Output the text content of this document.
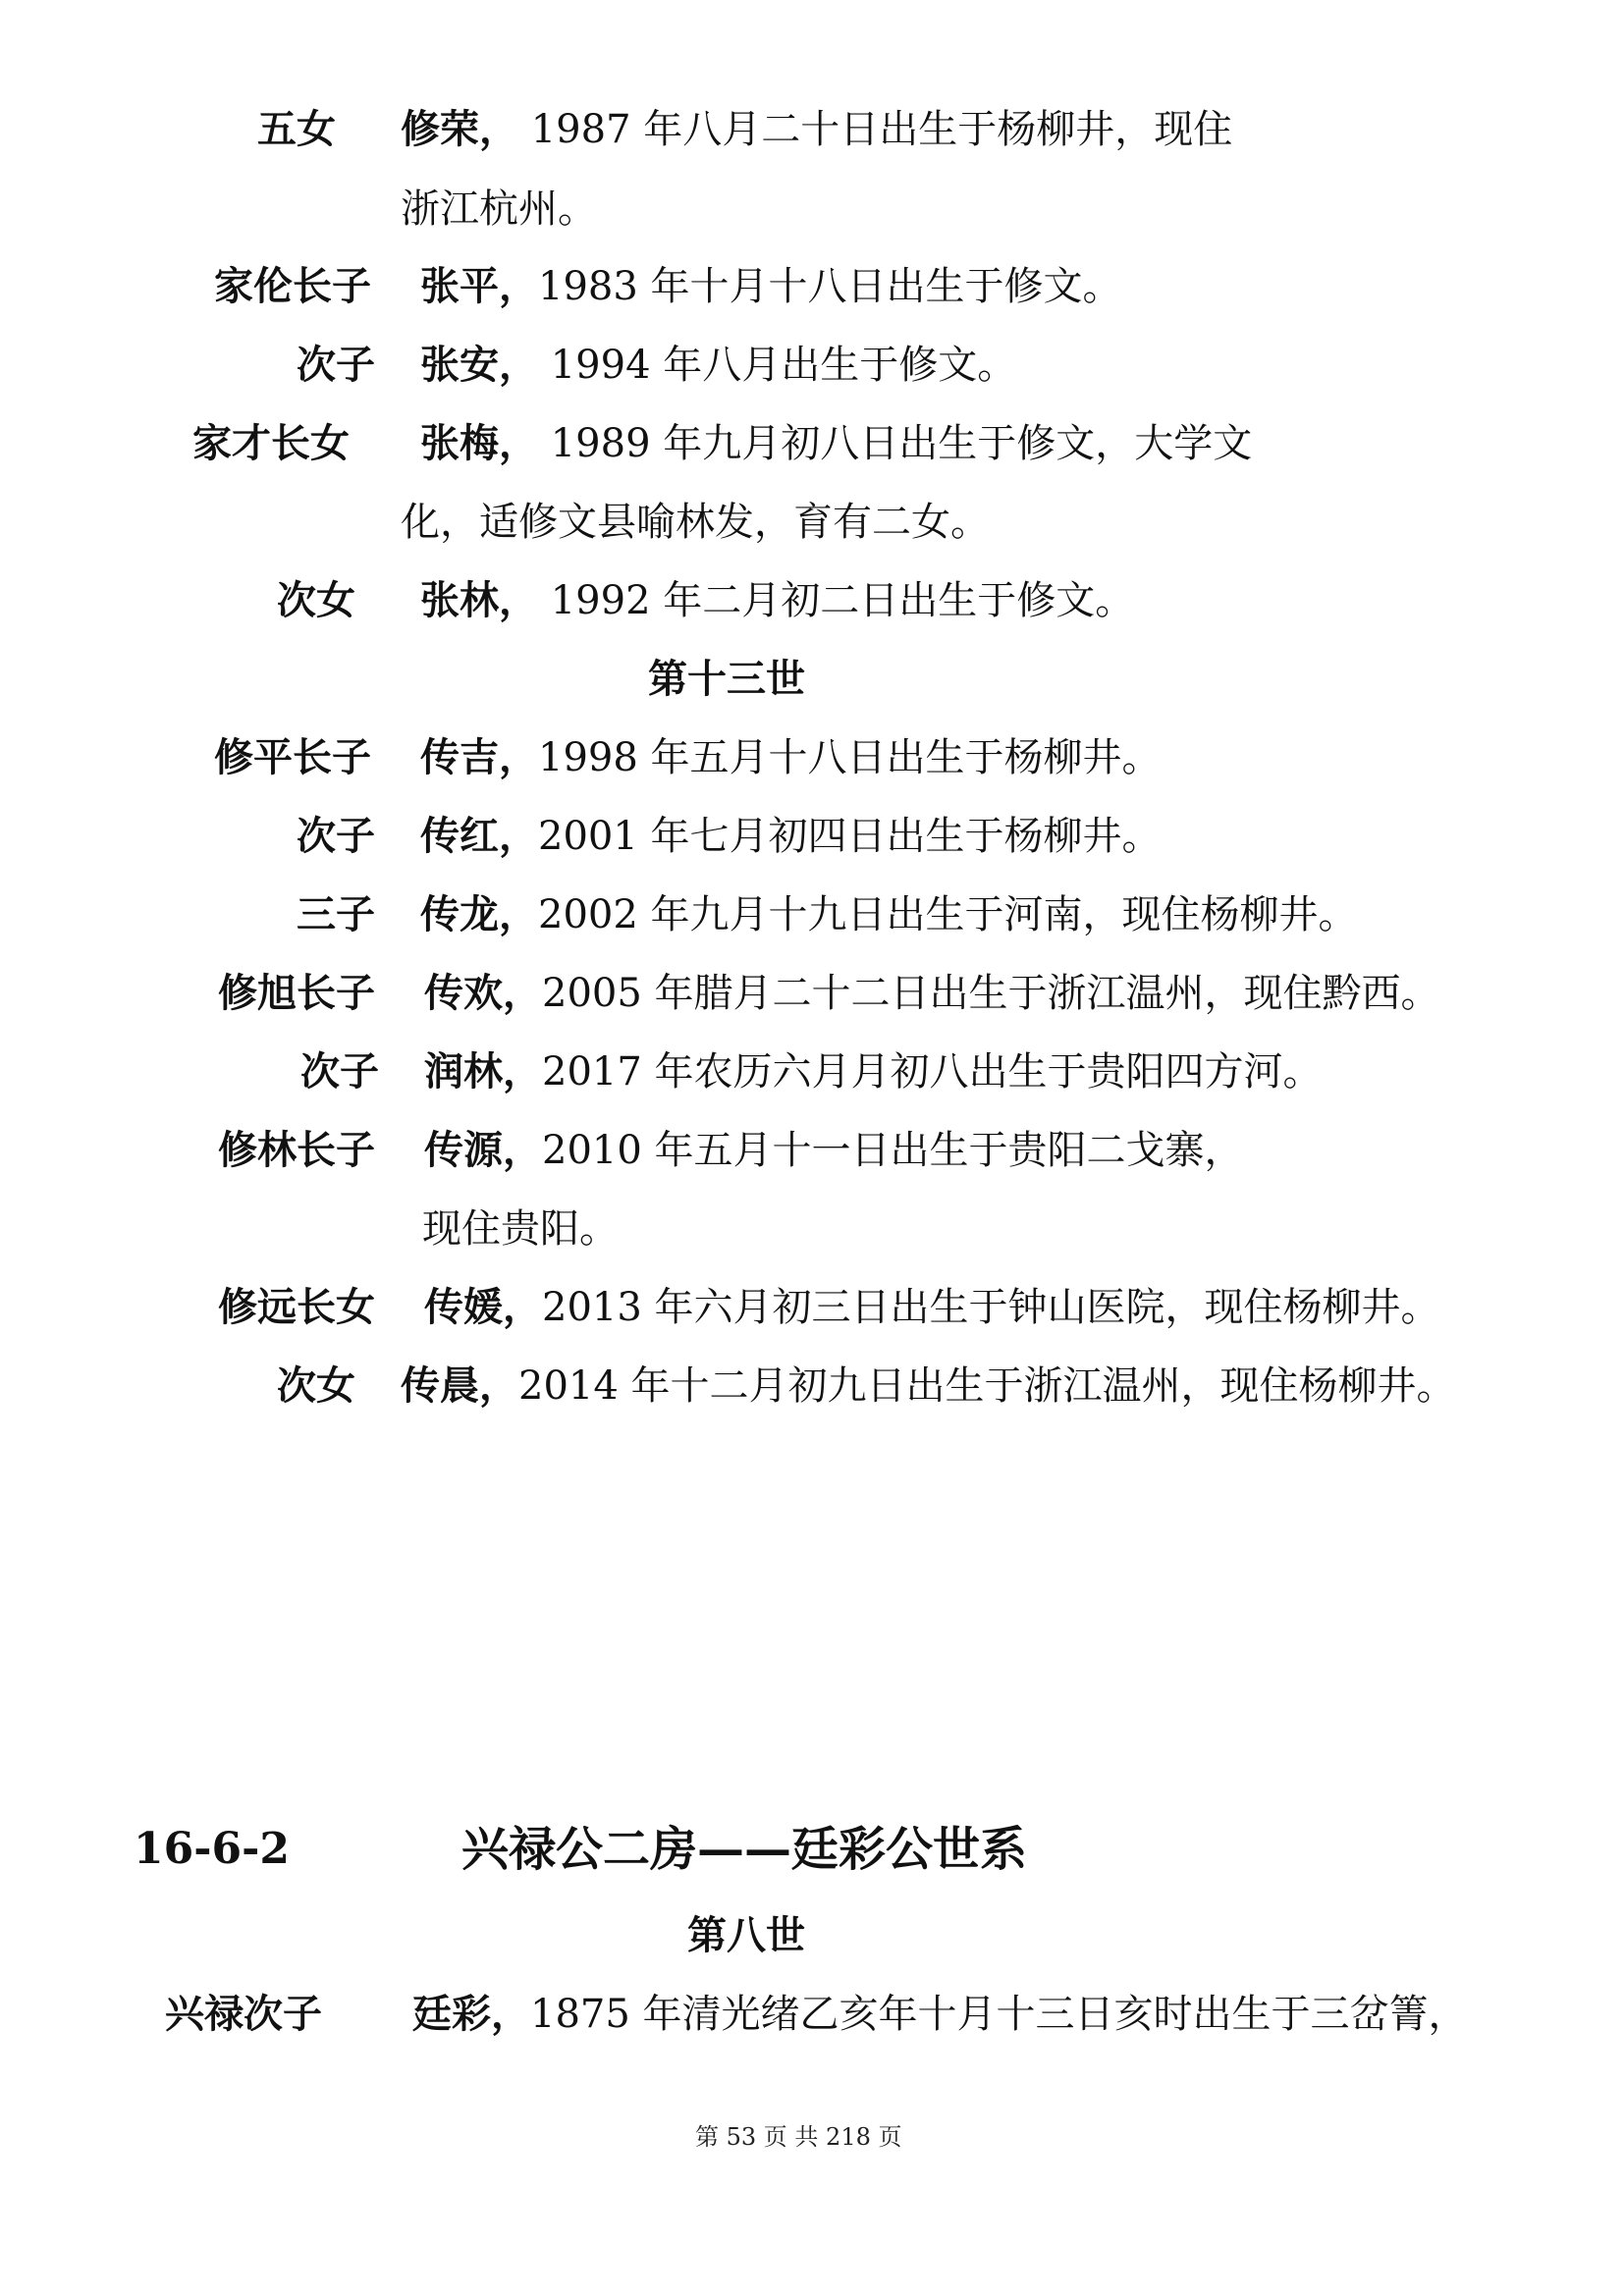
五女 修荣， 1987 年八月二十日出生于杨柳井，现住
浙江杭州。
家伦长子 张平，1983 年十月十八日出生于修文。
次子 张安， 1994 年八月出生于修文。
家才长女 张梅， 1989 年九月初八日出生于修文，大学文
化，适修文县喻林发，育有二女。
次女 张林， 1992 年二月初二日出生于修文。
第十三世
修平长子 传吉，1998 年五月十八日出生于杨柳井。
次子 传红，2001 年七月初四日出生于杨柳井。
三子 传龙，2002 年九月十九日出生于河南，现住杨柳井。
修旭长子 传欢，2005 年腊月二十二日出生于浙江温州，现住黔西。
次子 润林，2017 年农历六月月初八出生于贵阳四方河。
修林长子 传源，2010 年五月十一日出生于贵阳二戈寨，
现住贵阳。
修远长女 传媛，2013 年六月初三日出生于钟山医院，现住杨柳井。
次女 传晨，2014 年十二月初九日出生于浙江温州，现住杨柳井。
16-6-2	兴禄公二房——廷彩公世系
第八世
兴禄次子 廷彩，1875 年清光绪乙亥年十月十三日亥时出生于三岔箐，
第 53 页 共 218 页
